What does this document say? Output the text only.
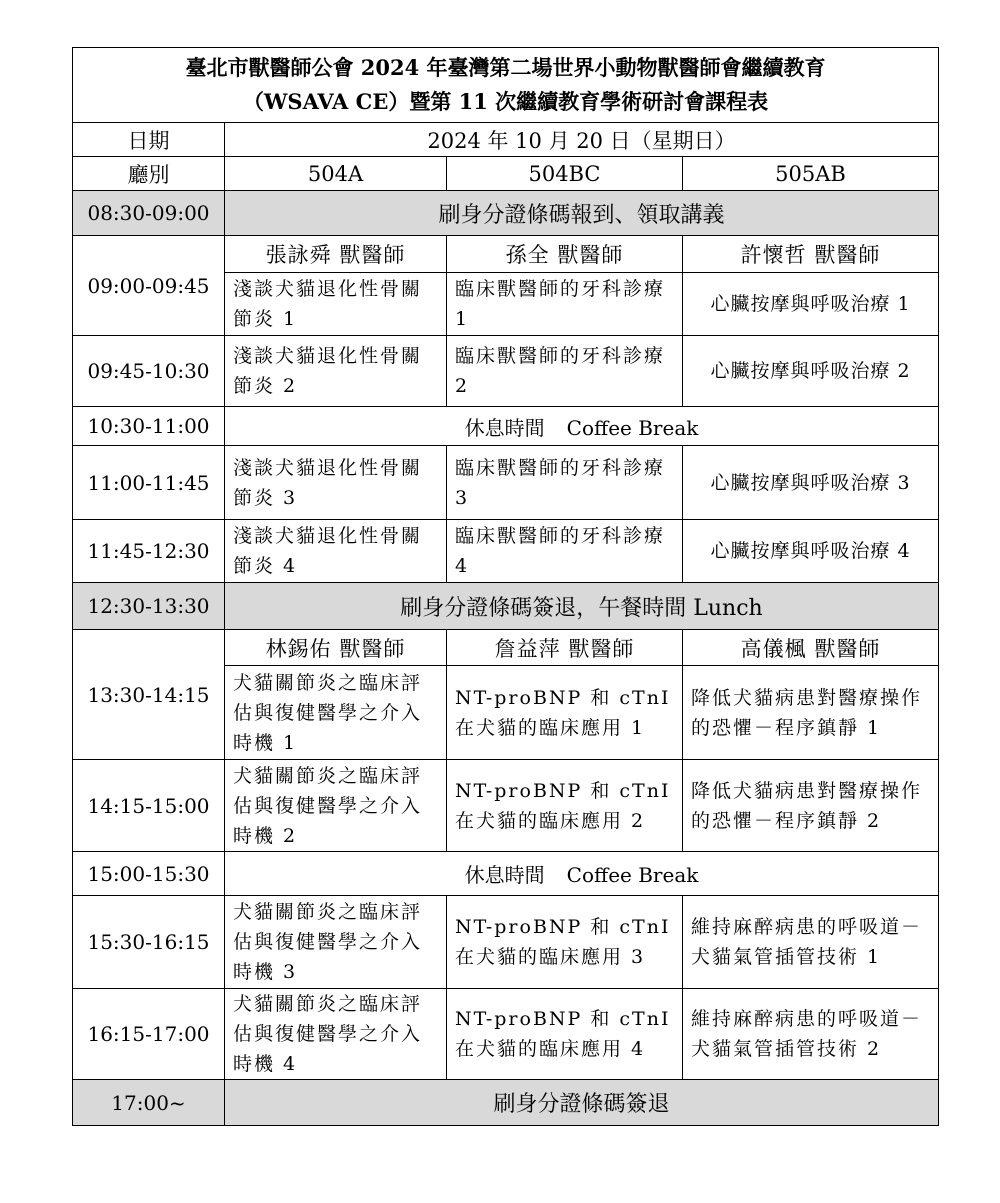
臺北市獸醫師公會 2024 年臺灣第二場世界小動物獸醫師會繼續教育
（WSAVA CE）暨第 11 次繼續教育學術研討會課程表			

日期	2024 年 10 月 20 日（星期日）		
廳別	504A	504BC	505AB
08:30-09:00	刷身分證條碼報到、領取講義		
09:00-09:45	張詠舜 獸醫師	孫全 獸醫師	許懷哲 獸醫師
	淺談犬貓退化性骨關節炎 1	臨床獸醫師的牙科診療 1	心臟按摩與呼吸治療 1
09:45-10:30	淺談犬貓退化性骨關節炎 2	臨床獸醫師的牙科診療 2	心臟按摩與呼吸治療 2
10:30-11:00	休息時間 Coffee Break		
11:00-11:45	淺談犬貓退化性骨關節炎 3	臨床獸醫師的牙科診療 3	心臟按摩與呼吸治療 3
11:45-12:30	淺談犬貓退化性骨關節炎 4	臨床獸醫師的牙科診療 4	心臟按摩與呼吸治療 4
12:30-13:30	刷身分證條碼簽退，午餐時間 Lunch		
13:30-14:15	林錫佑 獸醫師	詹益萍 獸醫師	高儀楓 獸醫師
	犬貓關節炎之臨床評估與復健醫學之介入時機 1	NT-proBNP 和 cTnI 在犬貓的臨床應用 1	降低犬貓病患對醫療操作的恐懼－程序鎮靜 1
14:15-15:00	犬貓關節炎之臨床評估與復健醫學之介入時機 2	NT-proBNP 和 cTnI 在犬貓的臨床應用 2	降低犬貓病患對醫療操作的恐懼－程序鎮靜 2
15:00-15:30	休息時間 Coffee Break		
15:30-16:15	犬貓關節炎之臨床評估與復健醫學之介入時機 3	NT-proBNP 和 cTnI 在犬貓的臨床應用 3	維持麻醉病患的呼吸道－犬貓氣管插管技術 1
16:15-17:00	犬貓關節炎之臨床評估與復健醫學之介入時機 4	NT-proBNP 和 cTnI 在犬貓的臨床應用 4	維持麻醉病患的呼吸道－犬貓氣管插管技術 2
17:00~	刷身分證條碼簽退		
